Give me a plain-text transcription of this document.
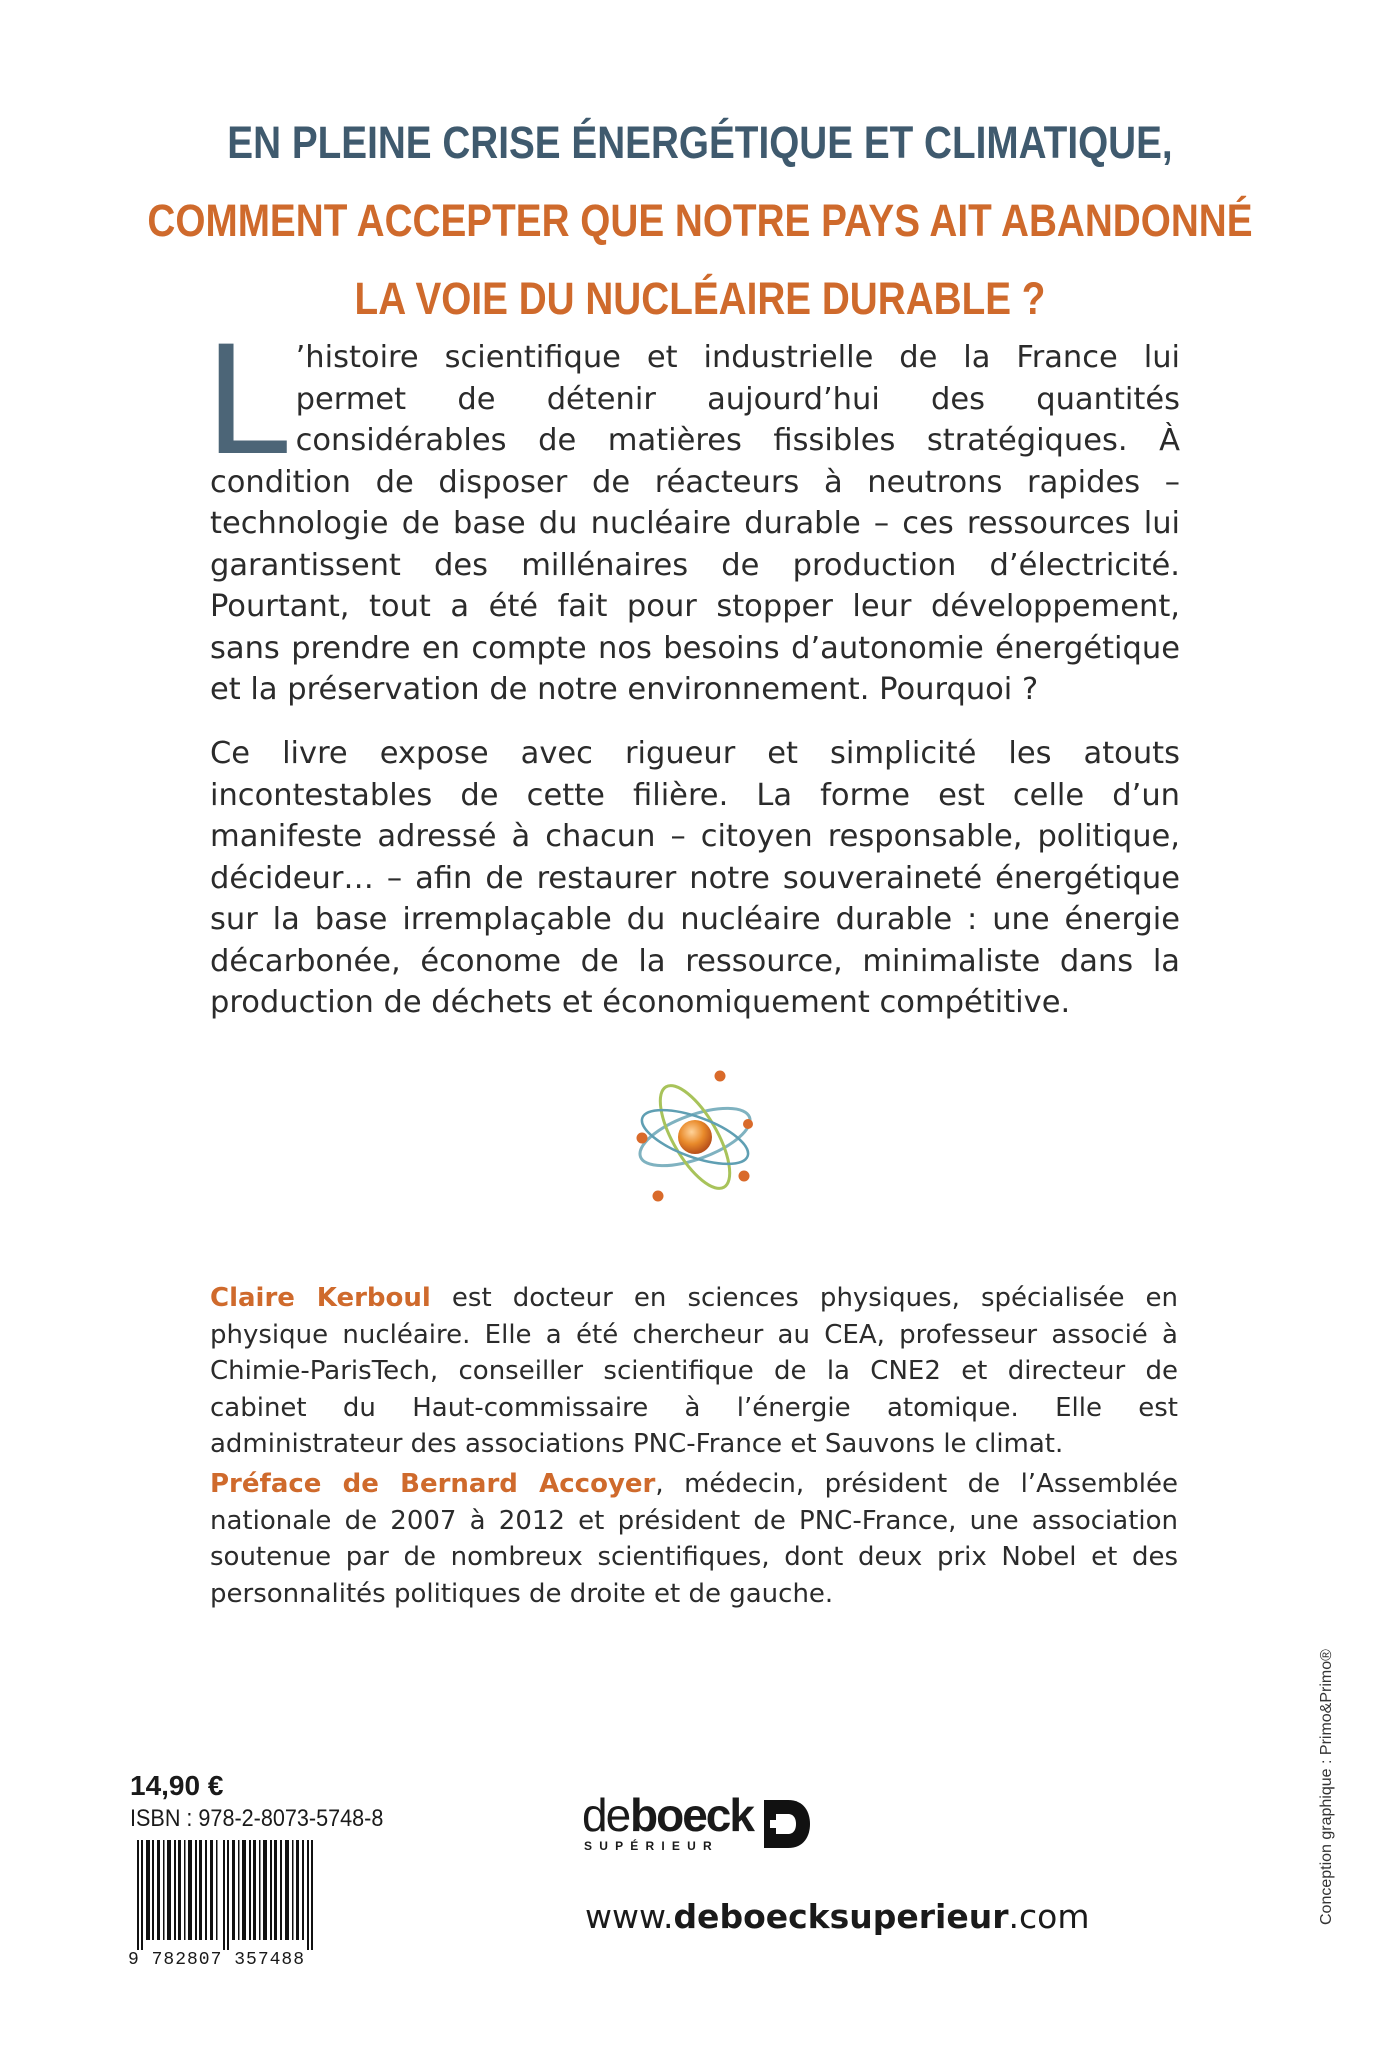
EN PLEINE CRISE ÉNERGÉTIQUE ET CLIMATIQUE,
COMMENT ACCEPTER QUE NOTRE PAYS AIT ABANDONNÉ
LA VOIE DU NUCLÉAIRE DURABLE ?
L ’histoire scientifique et industrielle de la France lui permet de détenir aujourd’hui des quantités considérables de matières fissibles stratégiques. À condition de disposer de réacteurs à neutrons rapides – technologie de base du nucléaire durable – ces ressources lui garantissent des millénaires de production d’électricité. Pourtant, tout a été fait pour stopper leur développement, sans prendre en compte nos besoins d’autonomie énergétique et la préservation de notre environnement. Pourquoi ?
Ce livre expose avec rigueur et simplicité les atouts incontestables de cette filière. La forme est celle d’un manifeste adressé à chacun – citoyen responsable, politique, décideur… – afin de restaurer notre souveraineté énergétique sur la base irremplaçable du nucléaire durable : une énergie décarbonée, économe de la ressource, minimaliste dans la production de déchets et économiquement compétitive.
Claire Kerboul est docteur en sciences physiques, spécialisée en physique nucléaire. Elle a été chercheur au CEA, professeur associé à Chimie-ParisTech, conseiller scientifique de la CNE2 et directeur de cabinet du Haut-commissaire à l’énergie atomique. Elle est administrateur des associations PNC-France et Sauvons le climat.
Préface de Bernard Accoyer, médecin, président de l’Assemblée nationale de 2007 à 2012 et président de PNC-France, une association soutenue par de nombreux scientifiques, dont deux prix Nobel et des personnalités politiques de droite et de gauche.
14,90 €
ISBN : 978-2-8073-5748-8
9 782807 357488
de boeck
SUPÉRIEUR
www.deboecksuperieur.com	Conception graphique : Primo&Primo®
